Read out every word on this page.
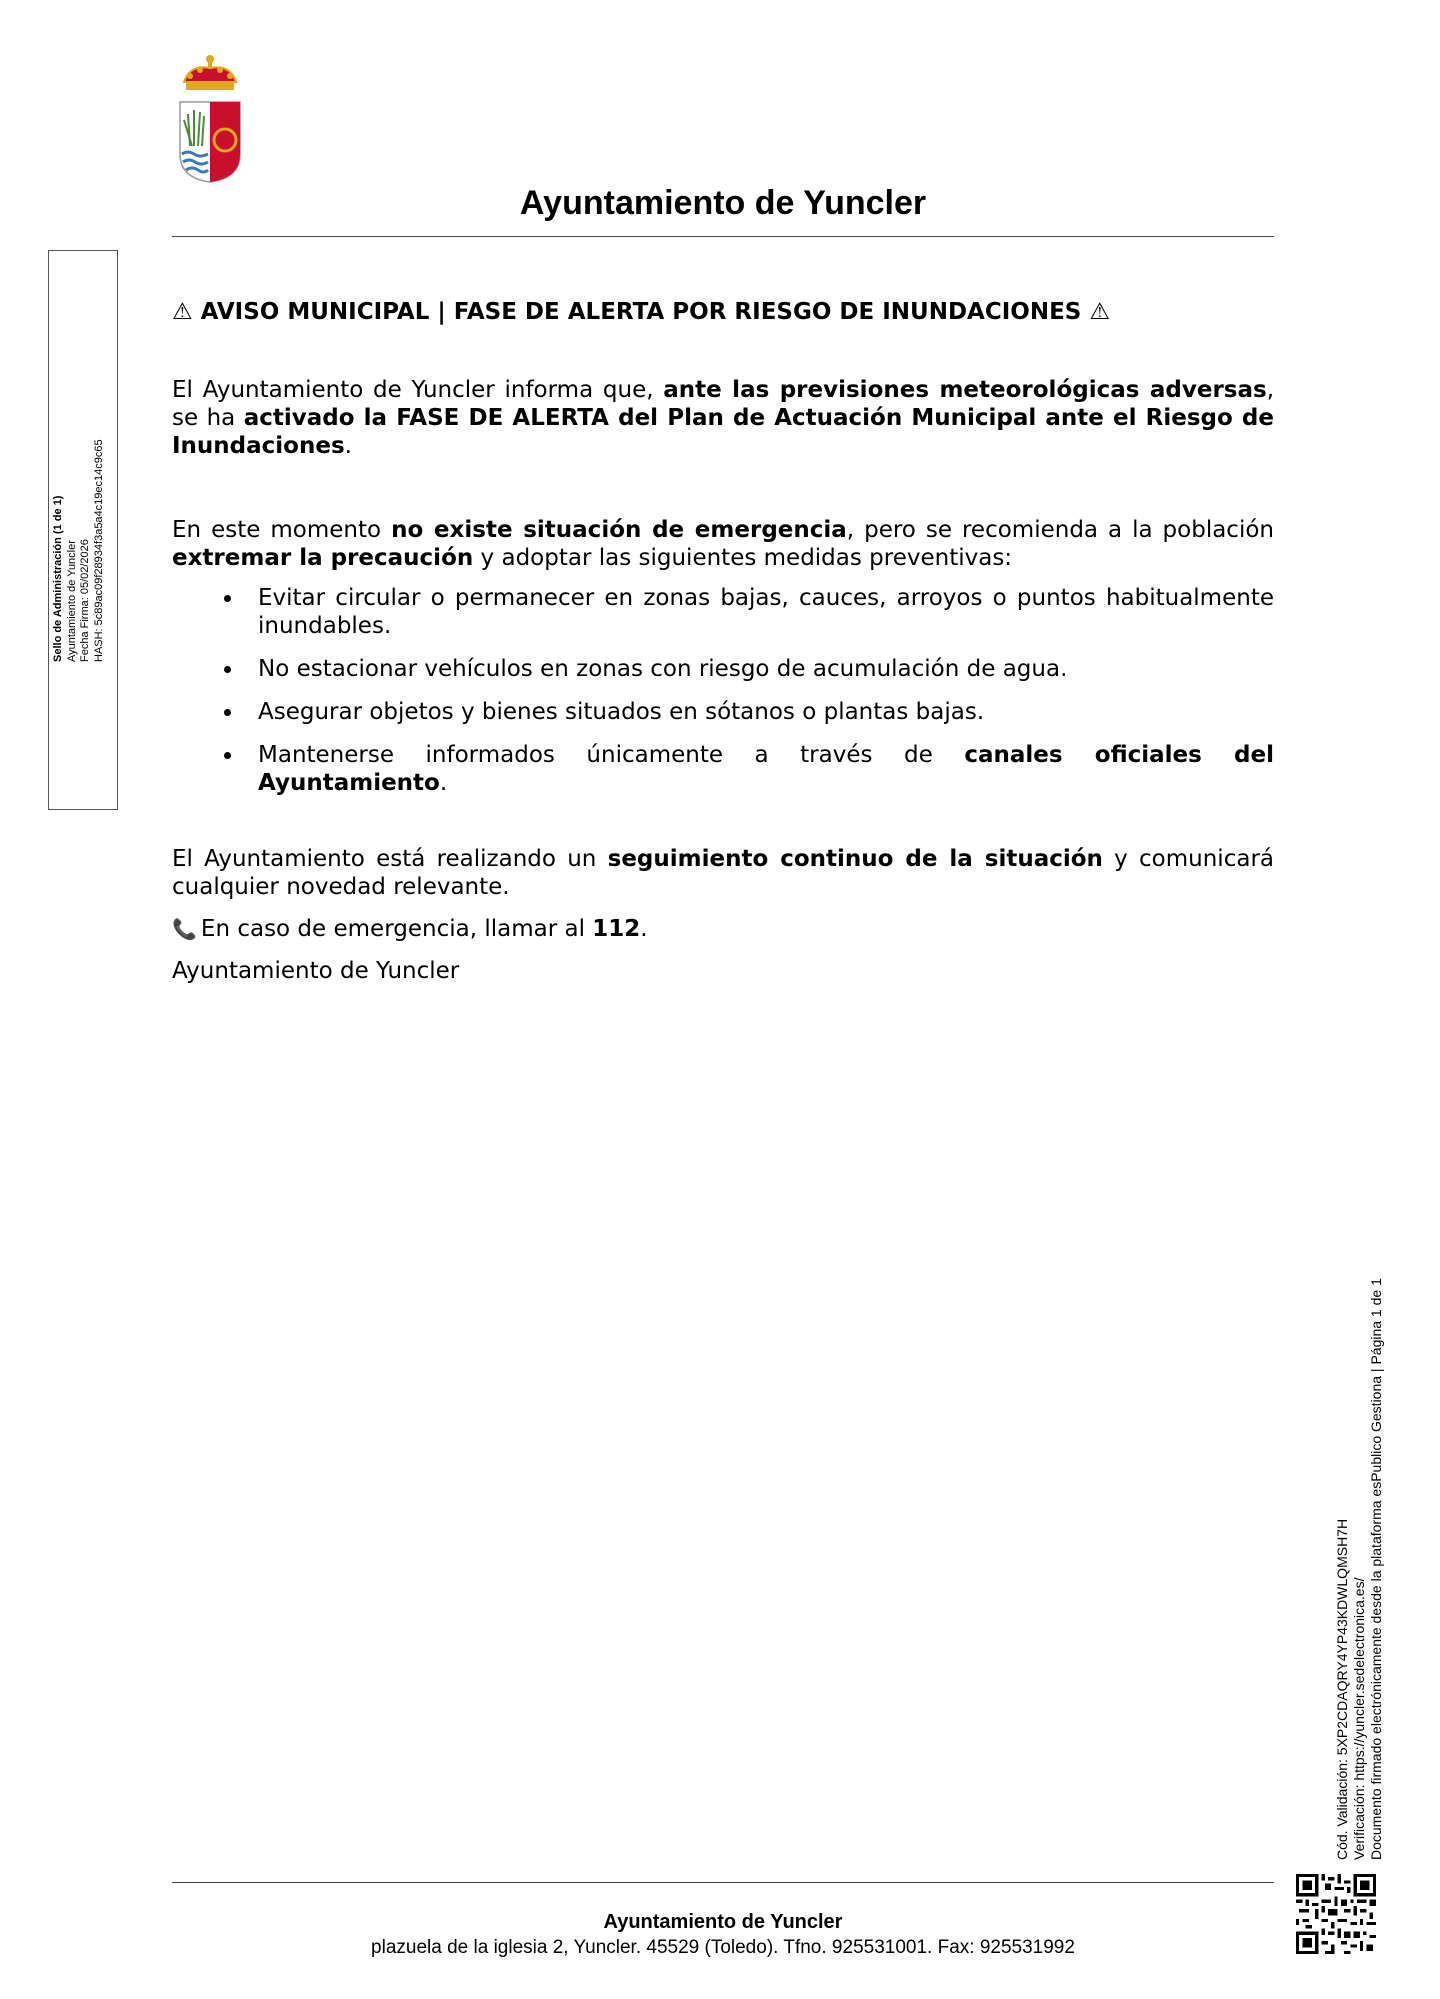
Ayuntamiento de Yuncler
Sello de Administración (1 de 1) Ayuntamiento de Yuncler Fecha Firma: 05/02/2026 HASH: 5c89ac09f28934f3a5a4c19ec14c9c65
⚠ AVISO MUNICIPAL | FASE DE ALERTA POR RIESGO DE INUNDACIONES ⚠

El Ayuntamiento de Yuncler informa que, ante las previsiones meteorológicas adversas, se ha activado la FASE DE ALERTA del Plan de Actuación Municipal ante el Riesgo de Inundaciones.

En este momento no existe situación de emergencia, pero se recomienda a la población extremar la precaución y adoptar las siguientes medidas preventivas:

Evitar circular o permanecer en zonas bajas, cauces, arroyos o puntos habitualmente inundables.
No estacionar vehículos en zonas con riesgo de acumulación de agua.
Asegurar objetos y bienes situados en sótanos o plantas bajas.
Mantenerse informados únicamente a través de canales oficiales del Ayuntamiento.

El Ayuntamiento está realizando un seguimiento continuo de la situación y comunicará cualquier novedad relevante.

📞 En caso de emergencia, llamar al 112.

Ayuntamiento de Yuncler

Cód. Validación: 5XP2CDAQRY4YP43KDWLQMSH7H Verificación: https://yuncler.sedelectronica.es/ Documento firmado electrónicamente desde la plataforma esPublico Gestiona | Página 1 de 1
Ayuntamiento de Yuncler
plazuela de la iglesia 2, Yuncler. 45529 (Toledo). Tfno. 925531001. Fax: 925531992
